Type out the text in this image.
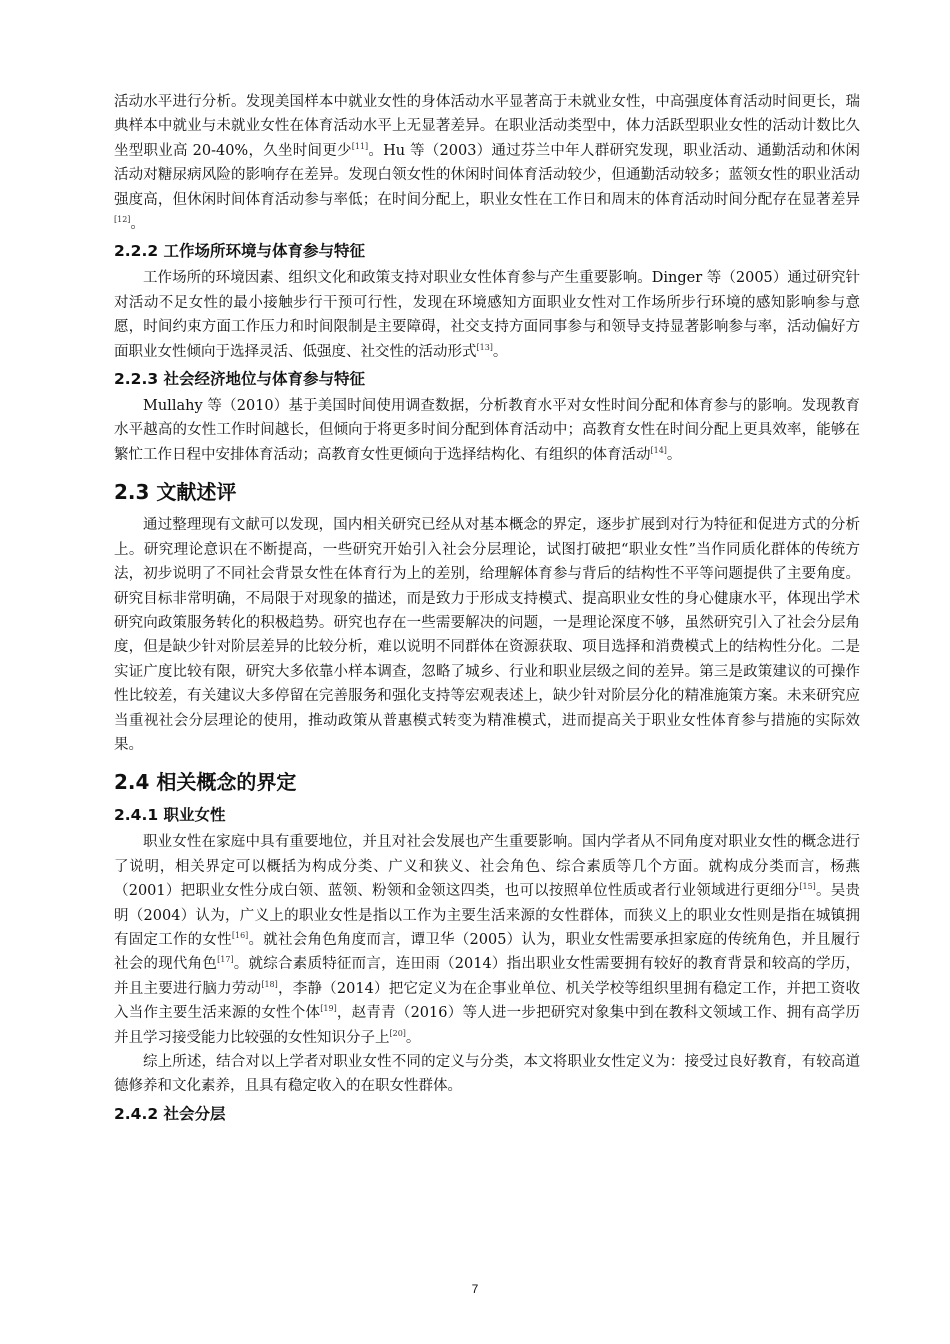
活动水平进行分析。发现美国样本中就业女性的身体活动水平显著高于未就业女性，中高强度体育活动时间更长，瑞典样本中就业与未就业女性在体育活动水平上无显著差异。在职业活动类型中，体力活跃型职业女性的活动计数比久坐型职业高 20-40%，久坐时间更少[11]。Hu 等（2003）通过芬兰中年人群研究发现，职业活动、通勤活动和休闲活动对糖尿病风险的影响存在差异。发现白领女性的休闲时间体育活动较少，但通勤活动较多；蓝领女性的职业活动强度高，但休闲时间体育活动参与率低；在时间分配上，职业女性在工作日和周末的体育活动时间分配存在显著差异[12]。

2.2.2 工作场所环境与体育参与特征

工作场所的环境因素、组织文化和政策支持对职业女性体育参与产生重要影响。Dinger 等（2005）通过研究针对活动不足女性的最小接触步行干预可行性，发现在环境感知方面职业女性对工作场所步行环境的感知影响参与意愿，时间约束方面工作压力和时间限制是主要障碍，社交支持方面同事参与和领导支持显著影响参与率，活动偏好方面职业女性倾向于选择灵活、低强度、社交性的活动形式[13]。

2.2.3 社会经济地位与体育参与特征

Mullahy 等（2010）基于美国时间使用调查数据，分析教育水平对女性时间分配和体育参与的影响。发现教育水平越高的女性工作时间越长，但倾向于将更多时间分配到体育活动中；高教育女性在时间分配上更具效率，能够在繁忙工作日程中安排体育活动；高教育女性更倾向于选择结构化、有组织的体育活动[14]。

2.3 文献述评

通过整理现有文献可以发现，国内相关研究已经从对基本概念的界定，逐步扩展到对行为特征和促进方式的分析上。研究理论意识在不断提高，一些研究开始引入社会分层理论，试图打破把“职业女性”当作同质化群体的传统方法，初步说明了不同社会背景女性在体育行为上的差别，给理解体育参与背后的结构性不平等问题提供了主要角度。研究目标非常明确，不局限于对现象的描述，而是致力于形成支持模式、提高职业女性的身心健康水平，体现出学术研究向政策服务转化的积极趋势。研究也存在一些需要解决的问题，一是理论深度不够，虽然研究引入了社会分层角度，但是缺少针对阶层差异的比较分析，难以说明不同群体在资源获取、项目选择和消费模式上的结构性分化。二是实证广度比较有限，研究大多依靠小样本调查，忽略了城乡、行业和职业层级之间的差异。第三是政策建议的可操作性比较差，有关建议大多停留在完善服务和强化支持等宏观表述上，缺少针对阶层分化的精准施策方案。未来研究应当重视社会分层理论的使用，推动政策从普惠模式转变为精准模式，进而提高关于职业女性体育参与措施的实际效果。

2.4 相关概念的界定
2.4.1 职业女性

职业女性在家庭中具有重要地位，并且对社会发展也产生重要影响。国内学者从不同角度对职业女性的概念进行了说明，相关界定可以概括为构成分类、广义和狭义、社会角色、综合素质等几个方面。就构成分类而言，杨燕（2001）把职业女性分成白领、蓝领、粉领和金领这四类，也可以按照单位性质或者行业领域进行更细分[15]。吴贵明（2004）认为，广义上的职业女性是指以工作为主要生活来源的女性群体，而狭义上的职业女性则是指在城镇拥有固定工作的女性[16]。就社会角色角度而言，谭卫华（2005）认为，职业女性需要承担家庭的传统角色，并且履行社会的现代角色[17]。就综合素质特征而言，连田雨（2014）指出职业女性需要拥有较好的教育背景和较高的学历，并且主要进行脑力劳动[18]，李静（2014）把它定义为在企事业单位、机关学校等组织里拥有稳定工作，并把工资收入当作主要生活来源的女性个体[19]，赵青青（2016）等人进一步把研究对象集中到在教科文领域工作、拥有高学历并且学习接受能力比较强的女性知识分子上[20]。

综上所述，结合对以上学者对职业女性不同的定义与分类，本文将职业女性定义为：接受过良好教育，有较高道德修养和文化素养，且具有稳定收入的在职女性群体。

2.4.2 社会分层
7
